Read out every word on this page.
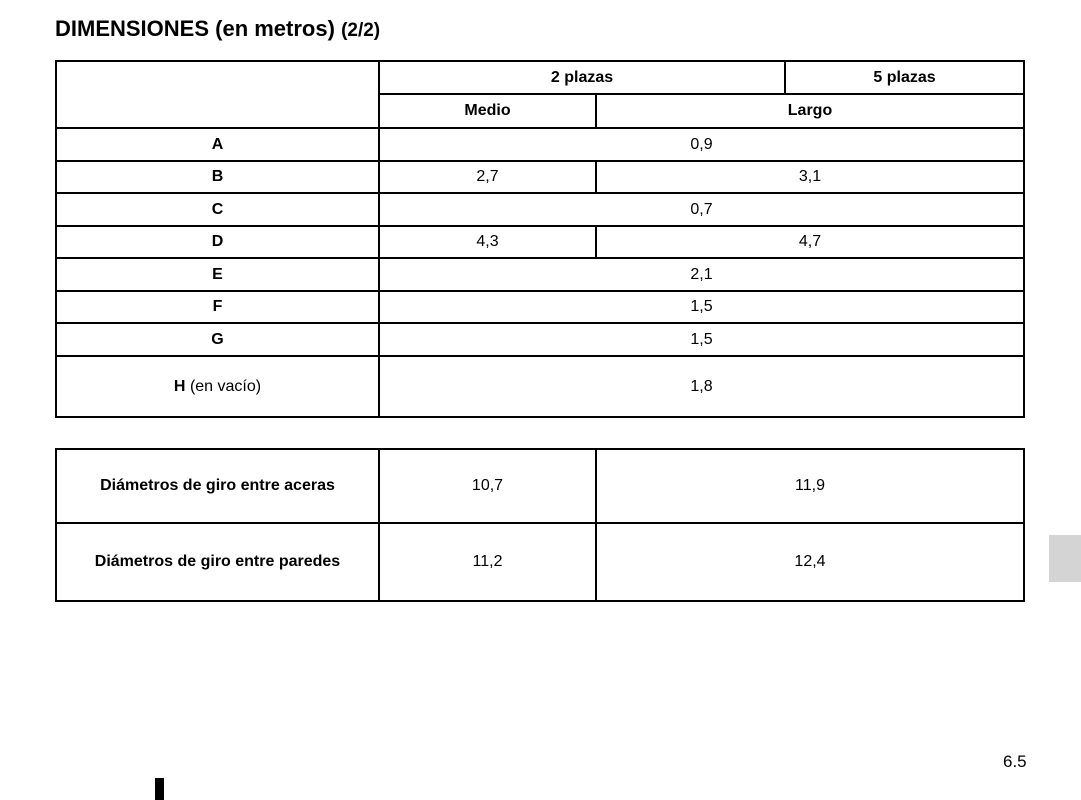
DIMENSIONES (en metros) (2/2)
	2 plazas		5 plazas
	Medio	Largo	
A	0,9		
B	2,7	3,1	
C	0,7		
D	4,3	4,7	
E	2,1		
F	1,5		
G	1,5		
H (en vacío)	1,8		
Diámetros de giro entre aceras	10,7	11,9
Diámetros de giro entre paredes	11,2	12,4
6.5
